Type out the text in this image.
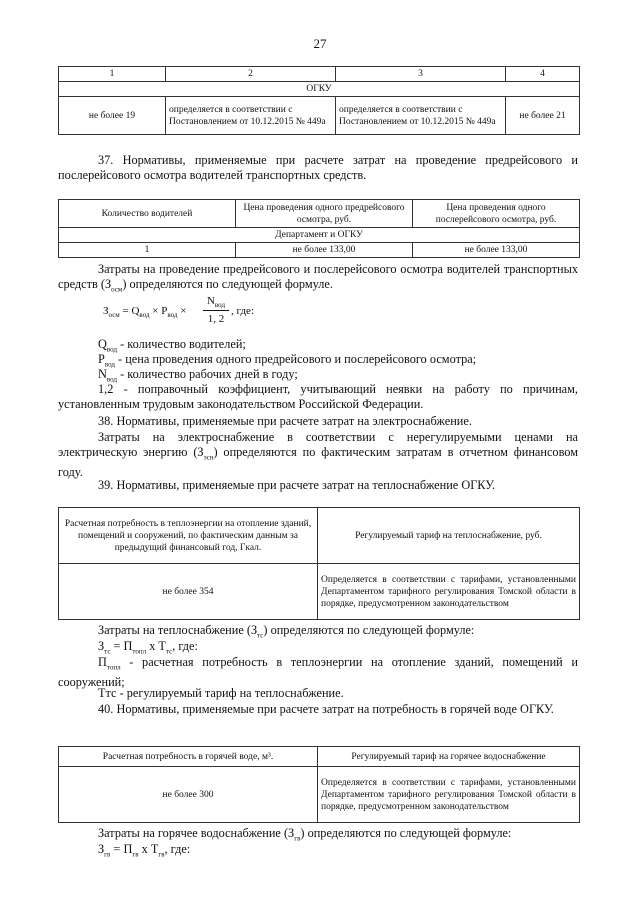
27
1	2	3	4
ОГКУ			
не более 19	определяется в соответствии с Постановлением от 10.12.2015 № 449а	определяется в соответствии с Постановлением от 10.12.2015 № 449а	не более 21

37. Нормативы, применяемые при расчете затрат на проведение предрейсового и послерейсового осмотра водителей транспортных средств.

Количество водителей	Цена проведения одного предрейсового осмотра, руб.	Цена проведения одного послерейсового осмотра, руб.
Департамент и ОГКУ		
1	не более 133,00	не более 133,00

Затраты на проведение предрейсового и послерейсового осмотра водителей транспортных средств $(З_{осм})$ определяются по следующей формуле.

$З_{осм} = Q_{вод} \times P_{вод}$ ×
$N_{вод}$
1, 2
, где:

$Q_{вод}$ - количество водителей;

$P_{вод}$ - цена проведения одного предрейсового и послерейсового осмотра;

$N_{вод}$ - количество рабочих дней в году;

1,2 - поправочный коэффициент, учитывающий неявки на работу по причинам, установленным трудовым законодательством Российской Федерации.

38. Нормативы, применяемые при расчете затрат на электроснабжение.

Затраты на электроснабжение в соответствии с нерегулируемыми ценами на электрическую энергию $(З_{эсн})$ определяются по фактическим затратам в отчетном финансовом году.

39. Нормативы, применяемые при расчете затрат на теплоснабжение ОГКУ.

Расчетная потребность в теплоэнергии на отопление зданий, помещений и сооружений, по фактическим данным за предыдущий финансовый год, Гкал.	Регулируемый тариф на теплоснабжение, руб.
не более 354	Определяется в соответствии с тарифами, установленными Департаментом тарифного регулирования Томской области в порядке, предусмотренном законодательством

Затраты на теплоснабжение $(З_{тс})$ определяются по следующей формуле:

$З_{тс} = П_{топл}$ х $Т_{тс}$, где:

$П_{топл}$ - расчетная потребность в теплоэнергии на отопление зданий, помещений и сооружений;

Ттс - регулируемый тариф на теплоснабжение.

40. Нормативы, применяемые при расчете затрат на потребность в горячей воде ОГКУ.

Расчетная потребность в горячей воде, м³.	Регулируемый тариф на горячее водоснабжение
не более 300	Определяется в соответствии с тарифами, установленными Департаментом тарифного регулирования Томской области в порядке, предусмотренном законодательством

Затраты на горячее водоснабжение $(З_{гв})$ определяются по следующей формуле:

$З_{гв} = П_{гв}$ х $Т_{гв}$, где:
